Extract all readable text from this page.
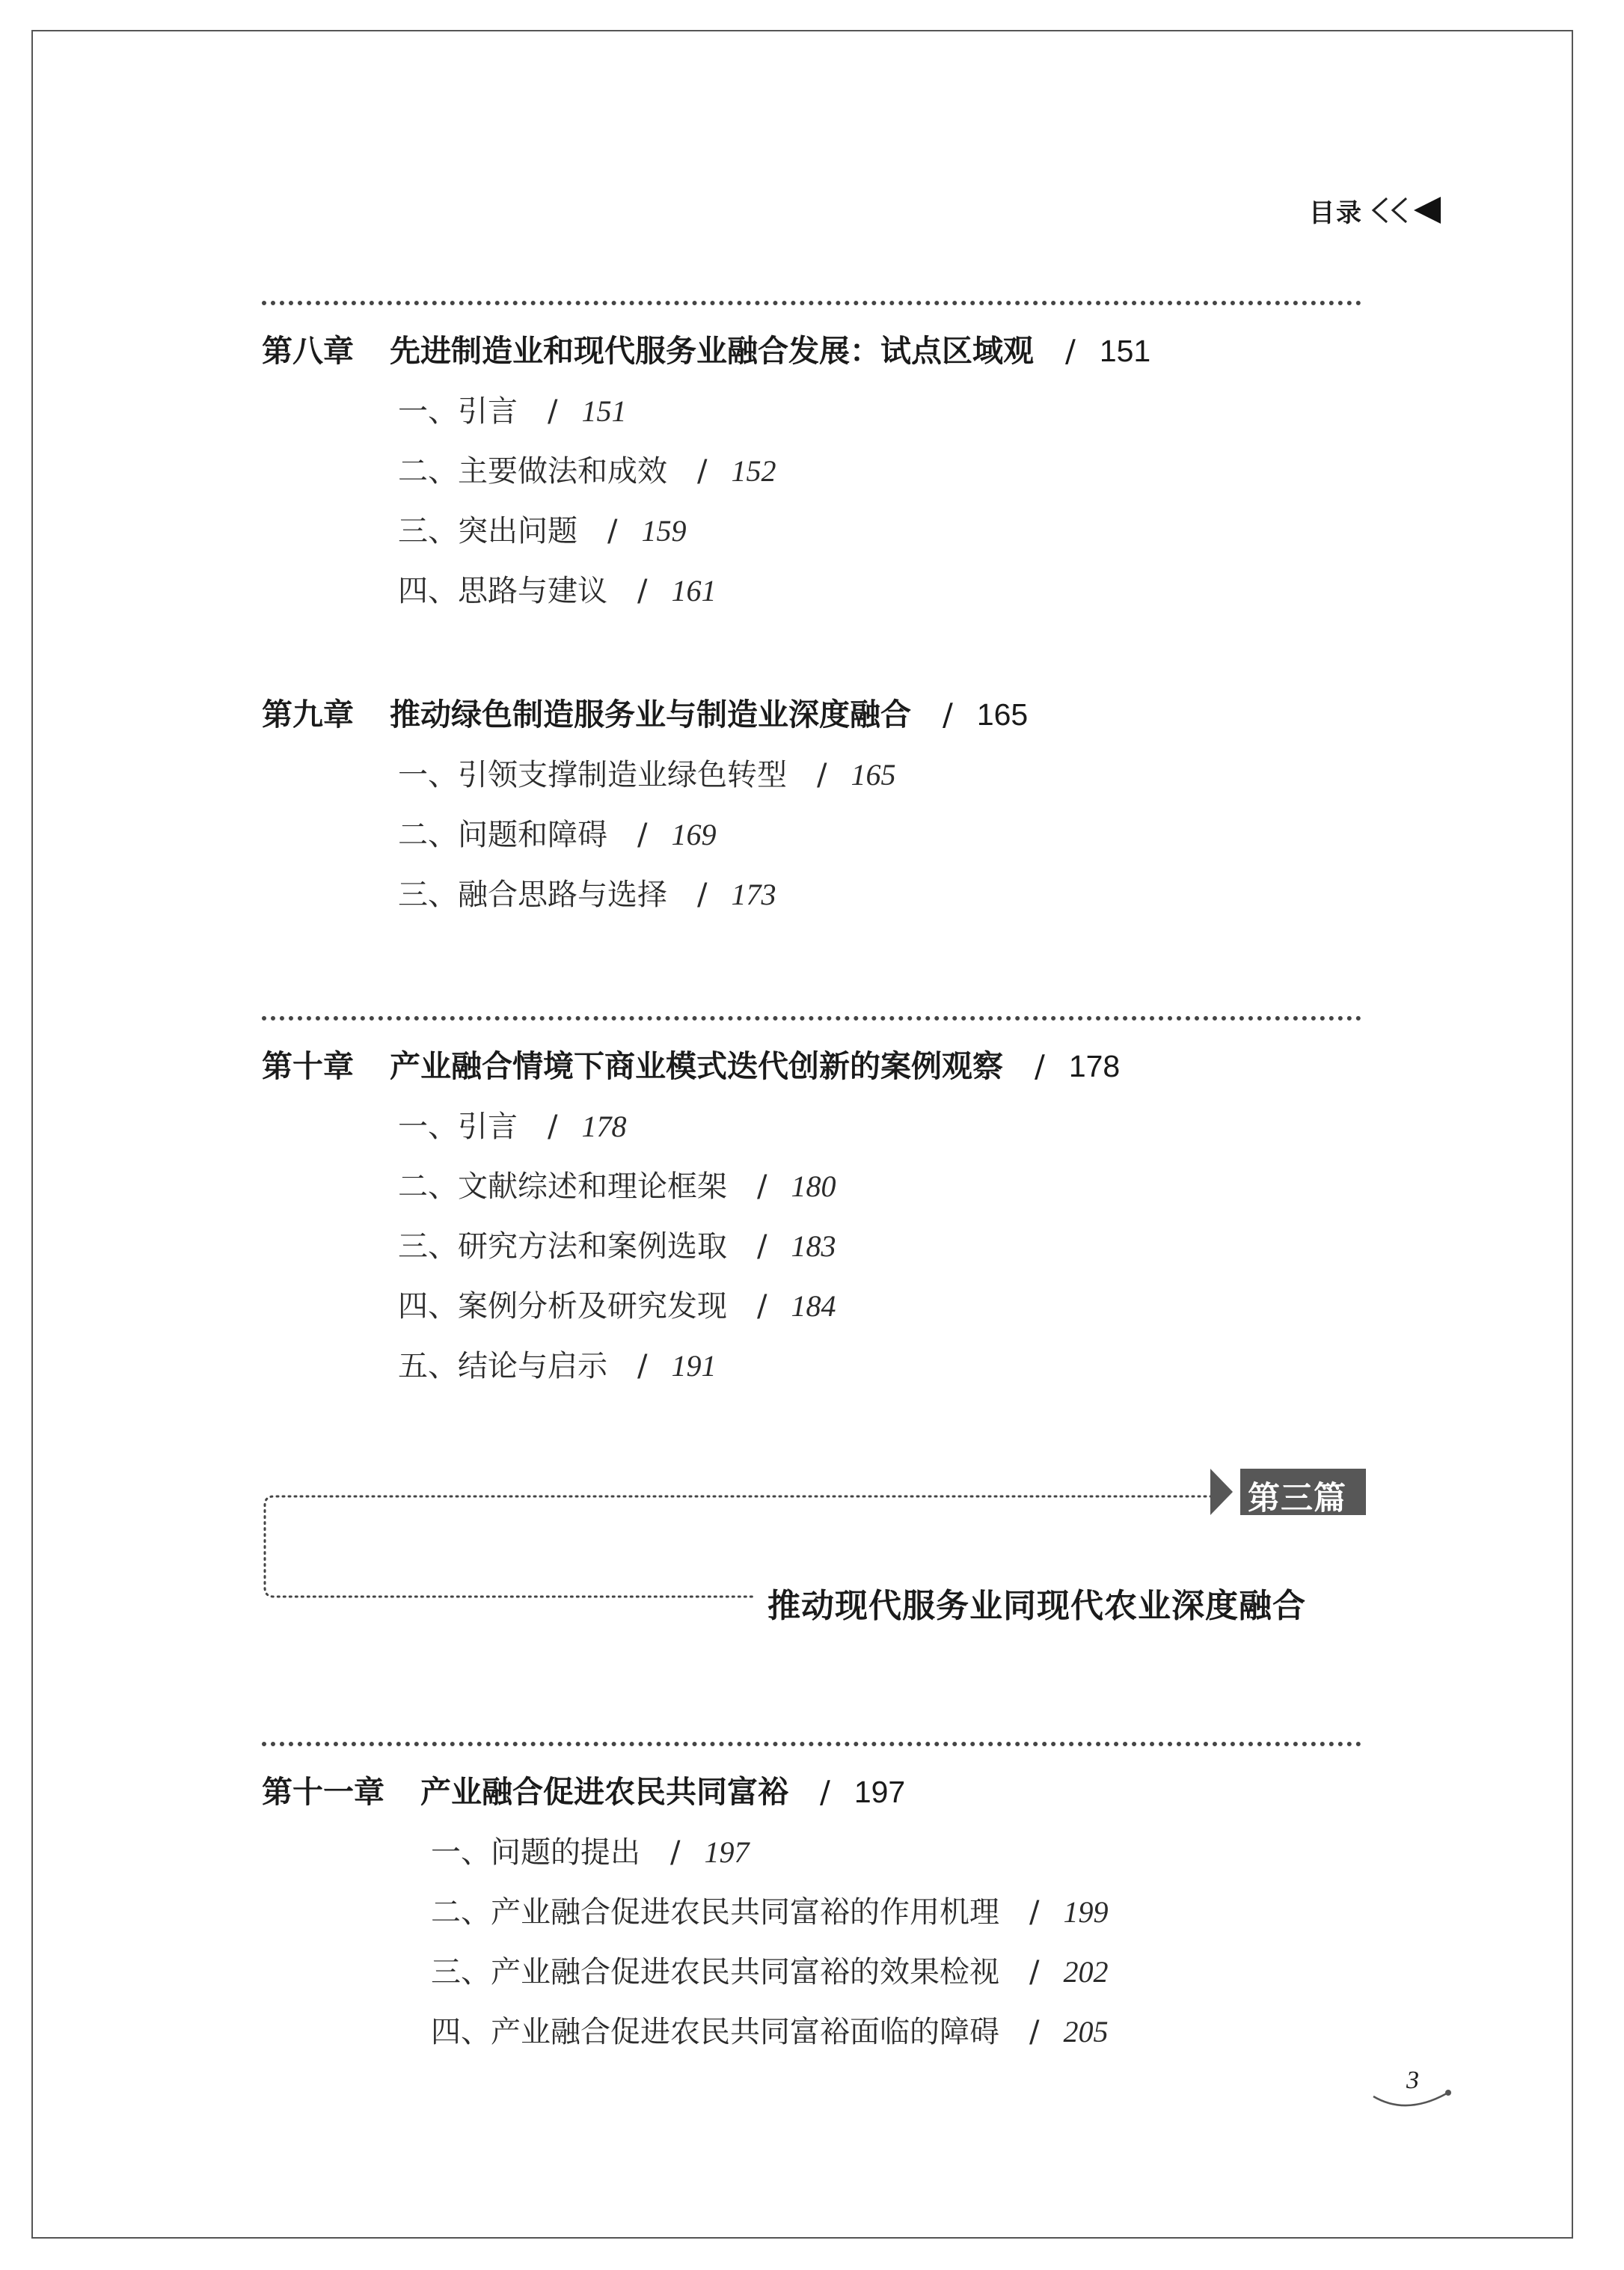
目录
第八章 先进制造业和现代服务业融合发展：试点区域观 / 151
一、引言 / 151
二、主要做法和成效 / 152
三、突出问题 / 159
四、思路与建议 / 161
第九章 推动绿色制造服务业与制造业深度融合 / 165
一、引领支撑制造业绿色转型 / 165
二、问题和障碍 / 169
三、融合思路与选择 / 173
第十章 产业融合情境下商业模式迭代创新的案例观察 / 178
一、引言 / 178
二、文献综述和理论框架 / 180
三、研究方法和案例选取 / 183
四、案例分析及研究发现 / 184
五、结论与启示 / 191
第三篇
推动现代服务业同现代农业深度融合
第十一章 产业融合促进农民共同富裕 / 197
一、问题的提出 / 197
二、产业融合促进农民共同富裕的作用机理 / 199
三、产业融合促进农民共同富裕的效果检视 / 202
四、产业融合促进农民共同富裕面临的障碍 / 205
3
